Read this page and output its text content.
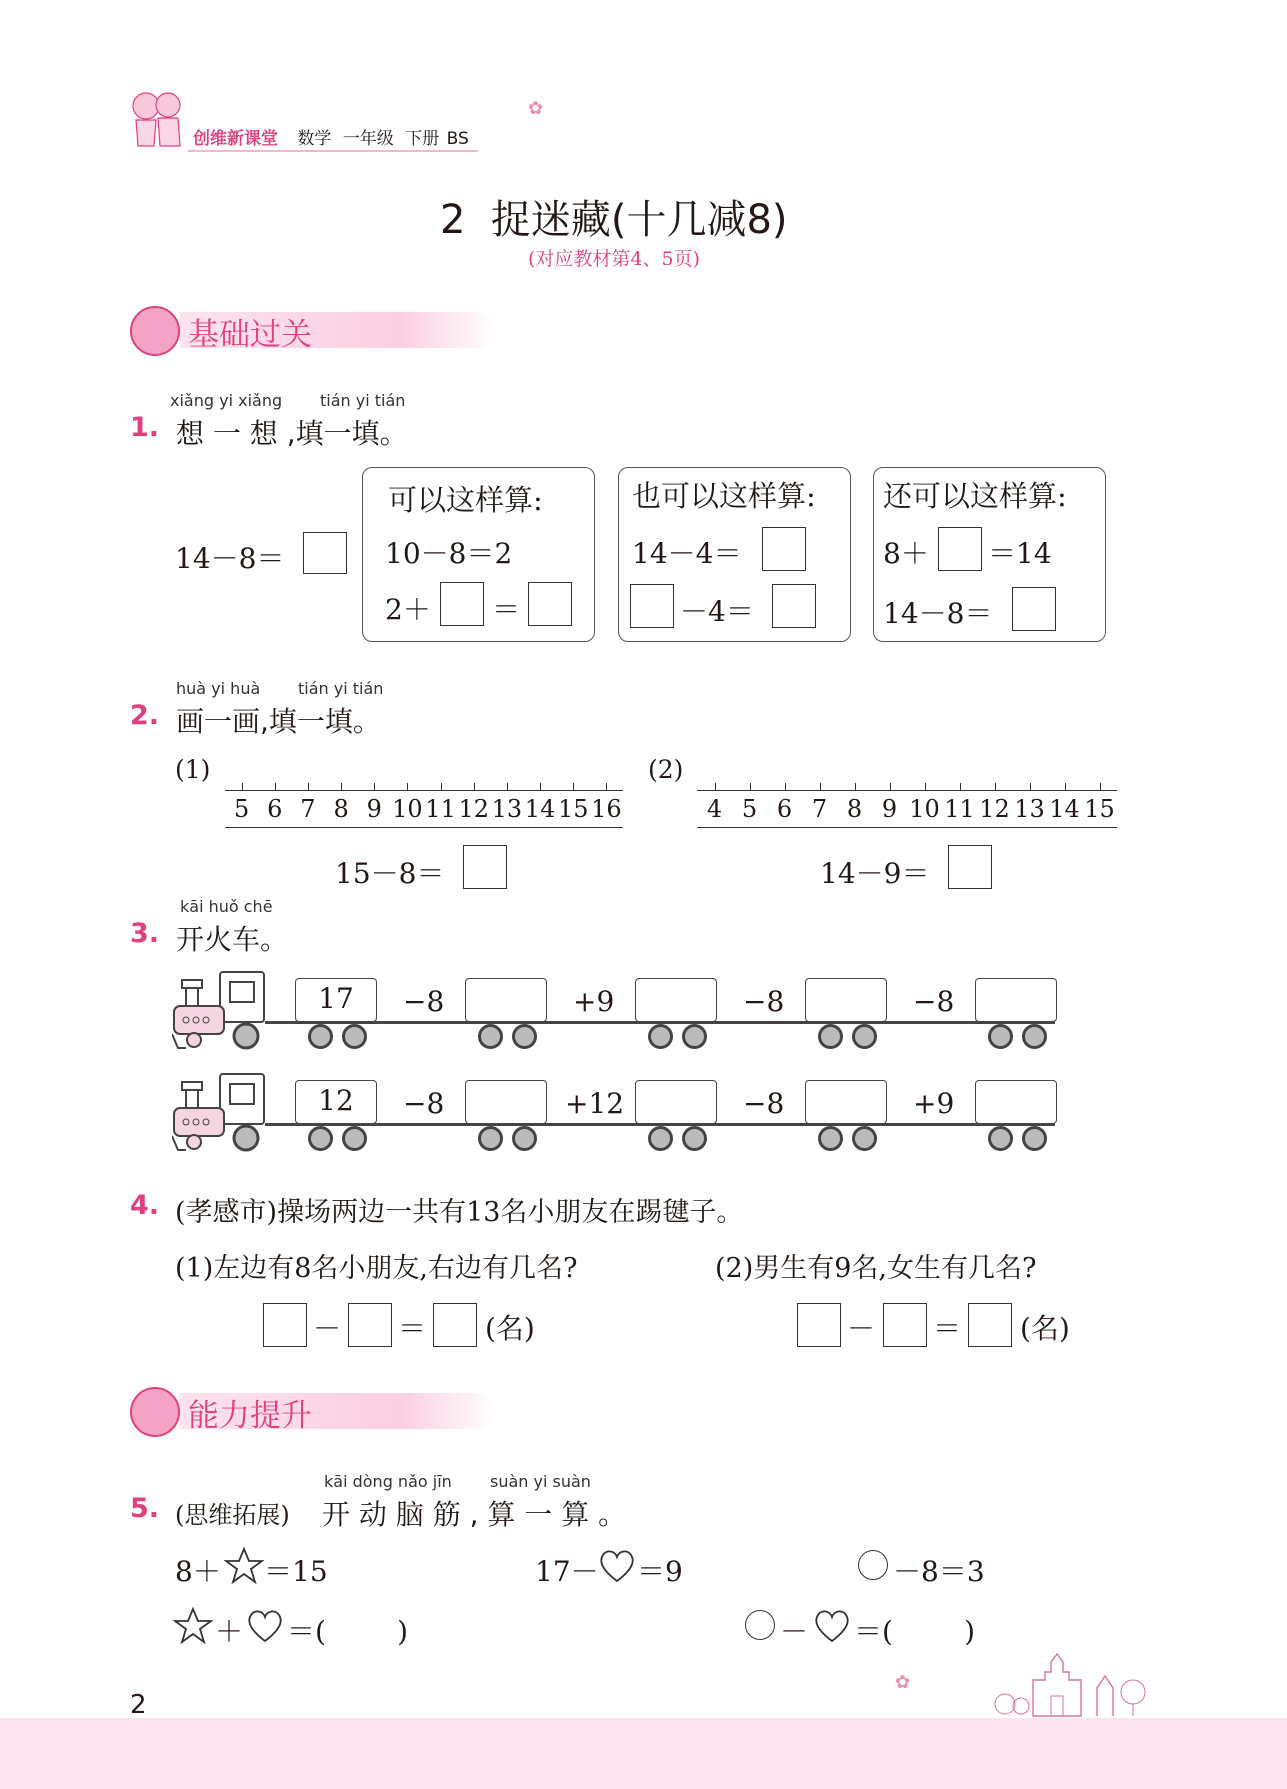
创维新课堂 数学 一年级 下册 BS
✿
2  捉迷藏(十几减8)
(对应教材第4、5页)
基础过关
xiǎng yi xiǎng tián yi tián
1. 想 一 想 ,填一填。
14－8＝
可以这样算:
10－8＝2
2＋ ＝
也可以这样算:
14－4＝
－4＝
还可以这样算:
8＋ ＝14
14－8＝
huà yi huà tián yi tián
2. 画一画,填一填。
(1)
5 6 7 8 9 10 11 12 13 14 15 16
15－8＝
(2)
4 5 6 7 8 9 10 11 12 13 14 15
14－9＝
kāi huǒ chē
3. 开火车。
17	−8	+9	−8	−8
12	−8	+12	−8	+9
4. (孝感市)操场两边一共有13名小朋友在踢毽子。
(1)左边有8名小朋友,右边有几名?	(2)男生有9名,女生有几名?
－ ＝ (名)	－ ＝ (名)
能力提升
kāi dòng nǎo jīn suàn yi suàn
5. (思维拓展) 开 动 脑 筋 , 算 一 算 。
8＋ ＝15	17－ ＝9	－8＝3
＋ ＝(        )	－ ＝(        )
✿
2
